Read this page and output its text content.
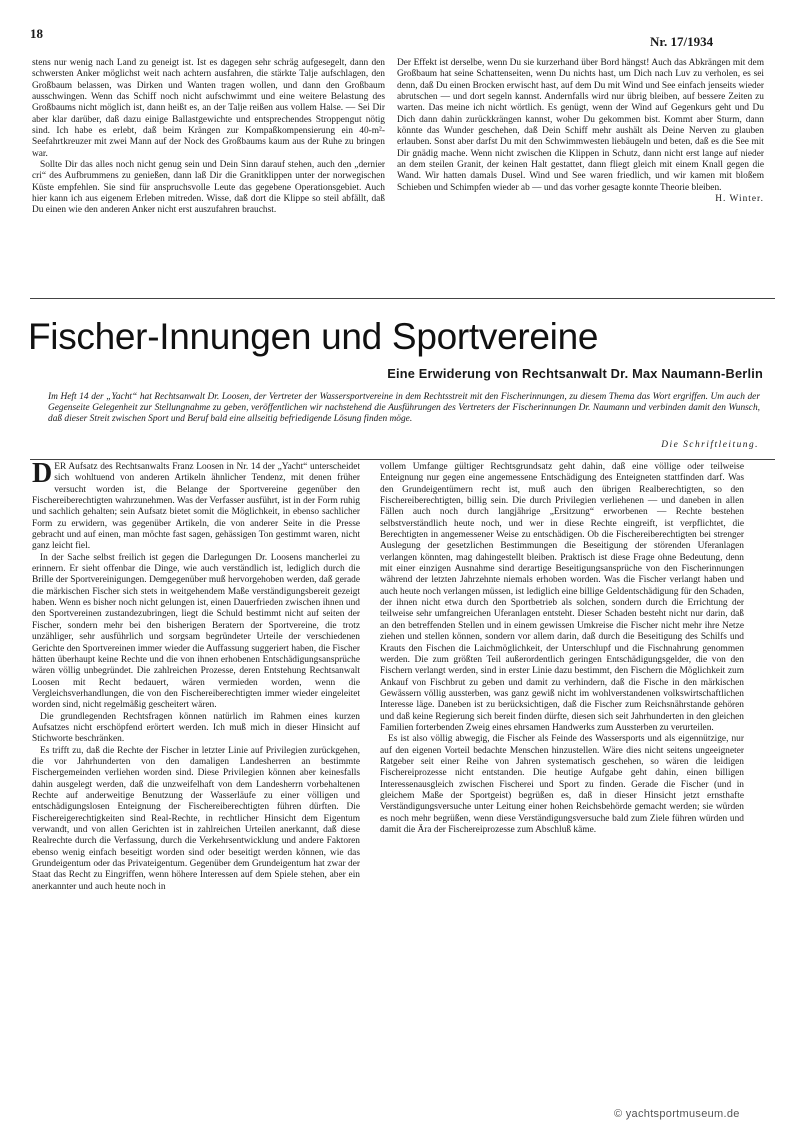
18
Nr. 17/1934

stens nur wenig nach Land zu geneigt ist. Ist es dagegen sehr schräg aufgesegelt, dann den schwersten Anker möglichst weit nach achtern ausfahren, die stärkte Talje aufschlagen, den Großbaum belassen, was Dirken und Wanten tragen wollen, und dann den Großbaum ausschwingen. Wenn das Schiff noch nicht aufschwimmt und eine weitere Belastung des Großbaums nicht möglich ist, dann heißt es, an der Talje reißen aus vollem Halse. — Sei Dir aber klar darüber, daß dazu einige Ballastgewichte und entsprechendes Stroppengut nötig sind. Ich habe es erlebt, daß beim Krängen zur Kompaßkompensierung ein 40-m²-Seefahrtkreuzer mit zwei Mann auf der Nock des Großbaums kaum aus der Ruhe zu bringen war.

Sollte Dir das alles noch nicht genug sein und Dein Sinn darauf stehen, auch den „dernier cri“ des Aufbrummens zu genießen, dann laß Dir die Granitklippen unter der norwegischen Küste empfehlen. Sie sind für anspruchsvolle Leute das gegebene Operationsgebiet. Auch hier kann ich aus eigenem Erleben mitreden. Wisse, daß dort die Klippe so steil abfällt, daß Du einen wie den anderen Anker nicht erst auszufahren brauchst.

Der Effekt ist derselbe, wenn Du sie kurzerhand über Bord hängst! Auch das Abkrängen mit dem Großbaum hat seine Schattenseiten, wenn Du nichts hast, um Dich nach Luv zu verholen, es sei denn, daß Du einen Brocken erwischt hast, auf dem Du mit Wind und See einfach jenseits wieder abrutschen — und dort segeln kannst. Andernfalls wird nur übrig bleiben, auf bessere Zeiten zu warten. Das meine ich nicht wörtlich. Es genügt, wenn der Wind auf Gegenkurs geht und Du Dich dann dahin zurückkrängen kannst, woher Du gekommen bist. Kommt aber Sturm, dann könnte das Wunder geschehen, daß Dein Schiff mehr aushält als Deine Nerven zu glauben erlauben. Sonst aber darfst Du mit den Schwimmwesten liebäugeln und beten, daß es die See mit Dir gnädig mache. Wenn nicht zwischen die Klippen in Schutz, dann nicht erst lange auf nieder an dem steilen Granit, der keinen Halt gestattet, dann fliegt gleich mit einem Knall gegen die Wand. Wir hatten damals Dusel. Wind und See waren friedlich, und wir kamen mit bloßem Schieben und Schimpfen wieder ab — und das vorher gesagte konnte Theorie bleiben.

H. Winter.

Fischer-Innungen und Sportvereine
Eine Erwiderung von Rechtsanwalt Dr. Max Naumann-Berlin

Im Heft 14 der „Yacht“ hat Rechtsanwalt Dr. Loosen, der Vertreter der Wassersportvereine in dem Rechtsstreit mit den Fischerinnungen, zu diesem Thema das Wort ergriffen. Um auch der Gegenseite Gelegenheit zur Stellungnahme zu geben, veröffentlichen wir nachstehend die Ausführungen des Vertreters der Fischerinnungen Dr. Naumann und verbinden damit den Wunsch, daß dieser Streit zwischen Sport und Beruf bald eine allseitig befriedigende Lösung finden möge.

Die Schriftleitung.

DER Aufsatz des Rechtsanwalts Franz Loosen in Nr. 14 der „Yacht“ unterscheidet sich wohltuend von anderen Artikeln ähnlicher Tendenz, mit denen früher versucht worden ist, die Belange der Sportvereine gegenüber den Fischereiberechtigten wahrzunehmen. Was der Verfasser ausführt, ist in der Form ruhig und sachlich gehalten; sein Aufsatz bietet somit die Möglichkeit, in ebenso sachlicher Form zu erwidern, was gegenüber Artikeln, die von anderer Seite in die Presse gebracht und auf einen, man möchte fast sagen, gehässigen Ton gestimmt waren, nicht ganz leicht fiel.

In der Sache selbst freilich ist gegen die Darlegungen Dr. Loosens mancherlei zu erinnern. Er sieht offenbar die Dinge, wie auch verständlich ist, lediglich durch die Brille der Sportvereinigungen. Demgegenüber muß hervorgehoben werden, daß gerade die märkischen Fischer sich stets in weitgehendem Maße verständigungsbereit gezeigt haben. Wenn es bisher noch nicht gelungen ist, einen Dauerfrieden zwischen ihnen und den Sportvereinen zustandezubringen, liegt die Schuld bestimmt nicht auf seiten der Fischer, sondern mehr bei den bisherigen Beratern der Sportvereine, die trotz unzähliger, sehr ausführlich und sorgsam begründeter Urteile der verschiedenen Gerichte den Sportvereinen immer wieder die Auffassung suggeriert haben, die Fischer hätten überhaupt keine Rechte und die von ihnen erhobenen Entschädigungsansprüche wären völlig unbegründet. Die zahlreichen Prozesse, deren Entstehung Rechtsanwalt Loosen mit Recht bedauert, wären vermieden worden, wenn die Vergleichsverhandlungen, die von den Fischereiberechtigten immer wieder eingeleitet worden sind, nicht regelmäßig gescheitert wären.

Die grundlegenden Rechtsfragen können natürlich im Rahmen eines kurzen Aufsatzes nicht erschöpfend erörtert werden. Ich muß mich in dieser Hinsicht auf Stichworte beschränken.

Es trifft zu, daß die Rechte der Fischer in letzter Linie auf Privilegien zurückgehen, die vor Jahrhunderten von den damaligen Landesherren an bestimmte Fischergemeinden verliehen worden sind. Diese Privilegien können aber keinesfalls dahin ausgelegt werden, daß die unzweifelhaft von dem Landesherrn vorbehaltenen Rechte auf anderweitige Benutzung der Wasserläufe zu einer völligen und entschädigungslosen Enteignung der Fischereiberechtigten führen dürften. Die Fischereigerechtigkeiten sind Real-Rechte, in rechtlicher Hinsicht dem Eigentum verwandt, und von allen Gerichten ist in zahlreichen Urteilen anerkannt, daß diese Realrechte durch die Verfassung, durch die Verkehrsentwicklung und andere Faktoren ebenso wenig einfach beseitigt worden sind oder beseitigt werden können, wie das Grundeigentum oder das Privateigentum. Gegenüber dem Grundeigentum hat zwar der Staat das Recht zu Eingriffen, wenn höhere Interessen auf dem Spiele stehen, aber ein anerkannter und auch heute noch in

vollem Umfange gültiger Rechtsgrundsatz geht dahin, daß eine völlige oder teilweise Enteignung nur gegen eine angemessene Entschädigung des Enteigneten stattfinden darf. Was den Grundeigentümern recht ist, muß auch den übrigen Realberechtigten, so den Fischereiberechtigten, billig sein. Die durch Privilegien verliehenen — und daneben in allen Fällen auch noch durch langjährige „Ersitzung“ erworbenen — Rechte bestehen selbstverständlich heute noch, und wer in diese Rechte eingreift, ist verpflichtet, die Berechtigten in angemessener Weise zu entschädigen. Ob die Fischereiberechtigten bei strenger Auslegung der gesetzlichen Bestimmungen die Beseitigung der störenden Uferanlagen verlangen könnten, mag dahingestellt bleiben. Praktisch ist diese Frage ohne Bedeutung, denn mit einer einzigen Ausnahme sind derartige Beseitigungsansprüche von den Fischerinnungen während der letzten Jahrzehnte niemals erhoben worden. Was die Fischer verlangt haben und auch heute noch verlangen müssen, ist lediglich eine billige Geldentschädigung für den Schaden, der ihnen nicht etwa durch den Sportbetrieb als solchen, sondern durch die Errichtung der teilweise sehr umfangreichen Uferanlagen entsteht. Dieser Schaden besteht nicht nur darin, daß an den betreffenden Stellen und in einem gewissen Umkreise die Fischer nicht mehr ihre Netze ziehen und stellen können, sondern vor allem darin, daß durch die Beseitigung des Schilfs und Krauts den Fischen die Laichmöglichkeit, der Unterschlupf und die Fischnahrung genommen werden. Die zum größten Teil außerordentlich geringen Entschädigungsgelder, die von den Fischern verlangt werden, sind in erster Linie dazu bestimmt, den Fischern die Möglichkeit zum Ankauf von Fischbrut zu geben und damit zu verhindern, daß die Fische in den märkischen Gewässern völlig aussterben, was ganz gewiß nicht im wohlverstandenen volkswirtschaftlichen Interesse läge. Daneben ist zu berücksichtigen, daß die Fischer zum Reichsnährstande gehören und daß keine Regierung sich bereit finden dürfte, diesen sich seit Jahrhunderten in den gleichen Familien forterbenden Zweig eines ehrsamen Handwerks zum Aussterben zu verurteilen.

Es ist also völlig abwegig, die Fischer als Feinde des Wassersports und als eigennützige, nur auf den eigenen Vorteil bedachte Menschen hinzustellen. Wäre dies nicht seitens ungeeigneter Ratgeber seit einer Reihe von Jahren systematisch geschehen, so wären die leidigen Fischereiprozesse nicht entstanden. Die heutige Aufgabe geht dahin, einen billigen Interessenausgleich zwischen Fischerei und Sport zu finden. Gerade die Fischer (und in gleichem Maße der Sportgeist) begrüßen es, daß in dieser Hinsicht jetzt ernsthafte Verständigungsversuche unter Leitung einer hohen Reichsbehörde gemacht werden; sie würden es noch mehr begrüßen, wenn diese Verständigungsversuche bald zum Ziele führen würden und damit die Ära der Fischereiprozesse zum Abschluß käme.

© yachtsportmuseum.de
